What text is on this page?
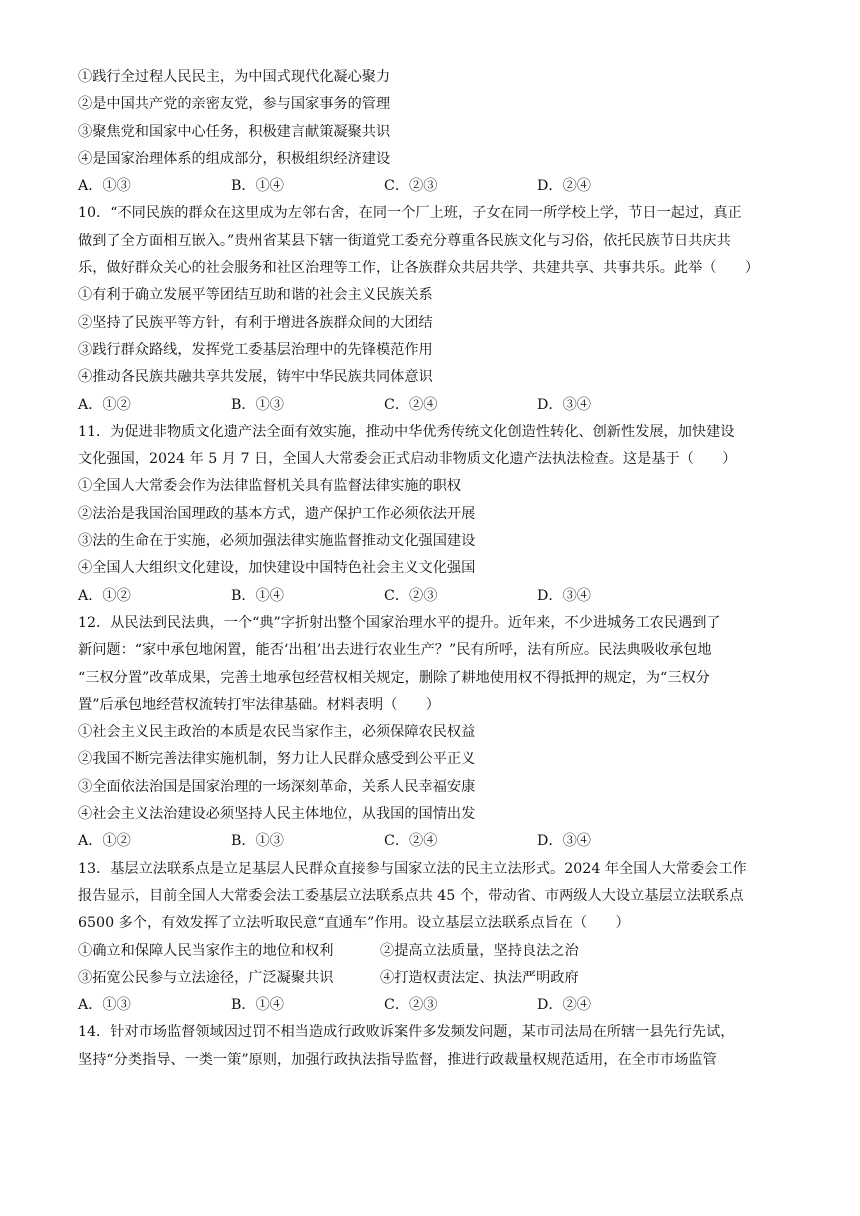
①践行全过程人民民主，为中国式现代化凝心聚力
②是中国共产党的亲密友党，参与国家事务的管理
③聚焦党和国家中心任务，积极建言献策凝聚共识
④是国家治理体系的组成部分，积极组织经济建设
A．①③	B．①④	C．②③	D．②④
10．“不同民族的群众在这里成为左邻右舍，在同一个厂上班，子女在同一所学校上学，节日一起过，真正
做到了全方面相互嵌入。”贵州省某县下辖一街道党工委充分尊重各民族文化与习俗，依托民族节日共庆共
乐，做好群众关心的社会服务和社区治理等工作，让各族群众共居共学、共建共享、共事共乐。此举（　　）
①有利于确立发展平等团结互助和谐的社会主义民族关系
②坚持了民族平等方针，有利于增进各族群众间的大团结
③践行群众路线，发挥党工委基层治理中的先锋模范作用
④推动各民族共融共享共发展，铸牢中华民族共同体意识
A．①②	B．①③	C．②④	D．③④
11．为促进非物质文化遗产法全面有效实施，推动中华优秀传统文化创造性转化、创新性发展，加快建设
文化强国，2024 年 5 月 7 日，全国人大常委会正式启动非物质文化遗产法执法检查。这是基于（　　）
①全国人大常委会作为法律监督机关具有监督法律实施的职权
②法治是我国治国理政的基本方式，遗产保护工作必须依法开展
③法的生命在于实施，必须加强法律实施监督推动文化强国建设
④全国人大组织文化建设，加快建设中国特色社会主义文化强国
A．①②	B．①④	C．②③	D．③④
12．从民法到民法典，一个“典”字折射出整个国家治理水平的提升。近年来，不少进城务工农民遇到了
新问题：“家中承包地闲置，能否‘出租’出去进行农业生产？”民有所呼，法有所应。民法典吸收承包地
“三权分置”改革成果，完善土地承包经营权相关规定，删除了耕地使用权不得抵押的规定，为“三权分
置”后承包地经营权流转打牢法律基础。材料表明（　　）
①社会主义民主政治的本质是农民当家作主，必须保障农民权益
②我国不断完善法律实施机制，努力让人民群众感受到公平正义
③全面依法治国是国家治理的一场深刻革命，关系人民幸福安康
④社会主义法治建设必须坚持人民主体地位，从我国的国情出发
A．①②	B．①③	C．②④	D．③④
13．基层立法联系点是立足基层人民群众直接参与国家立法的民主立法形式。2024 年全国人大常委会工作
报告显示，目前全国人大常委会法工委基层立法联系点共 45 个，带动省、市两级人大设立基层立法联系点
6500 多个，有效发挥了立法听取民意“直通车”作用。设立基层立法联系点旨在（　　）
①确立和保障人民当家作主的地位和权利	②提高立法质量，坚持良法之治
③拓宽公民参与立法途径，广泛凝聚共识	④打造权责法定、执法严明政府
A．①③	B．①④	C．②③	D．②④
14．针对市场监督领域因过罚不相当造成行政败诉案件多发频发问题，某市司法局在所辖一县先行先试，
坚持“分类指导、一类一策”原则，加强行政执法指导监督，推进行政裁量权规范适用，在全市市场监管
